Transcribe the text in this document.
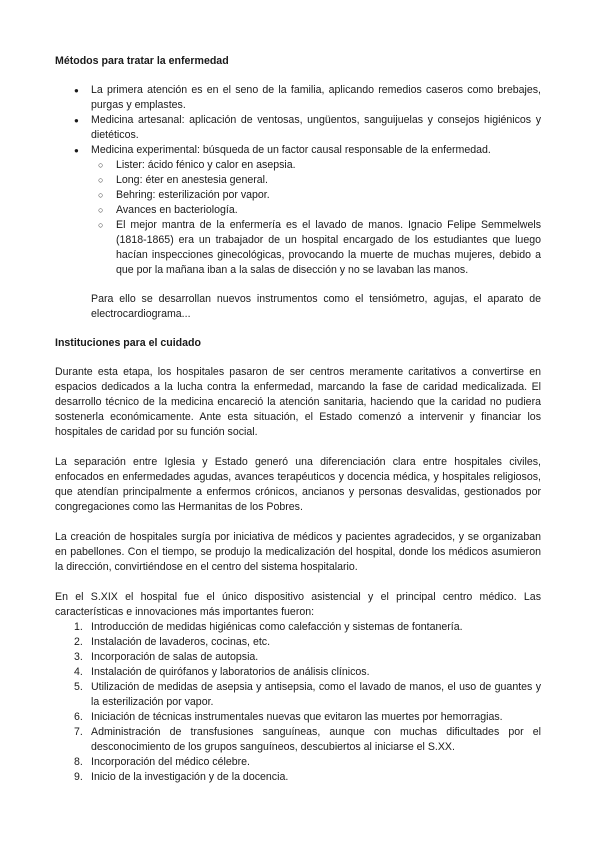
Métodos para tratar la enfermedad
● La primera atención es en el seno de la familia, aplicando remedios caseros como brebajes, purgas y emplastes.
● Medicina artesanal: aplicación de ventosas, ungüentos, sanguijuelas y consejos higiénicos y dietéticos.
● Medicina experimental: búsqueda de un factor causal responsable de la enfermedad.
○ Lister: ácido fénico y calor en asepsia.
○ Long: éter en anestesia general.
○ Behring: esterilización por vapor.
○ Avances en bacteriología.
○ El mejor mantra de la enfermería es el lavado de manos. Ignacio Felipe Semmelwels (1818-1865) era un trabajador de un hospital encargado de los estudiantes que luego hacían inspecciones ginecológicas, provocando la muerte de muchas mujeres, debido a que por la mañana iban a la salas de disección y no se lavaban las manos.

Para ello se desarrollan nuevos instrumentos como el tensiómetro, agujas, el aparato de electrocardiograma...

Instituciones para el cuidado

Durante esta etapa, los hospitales pasaron de ser centros meramente caritativos a convertirse en espacios dedicados a la lucha contra la enfermedad, marcando la fase de caridad medicalizada. El desarrollo técnico de la medicina encareció la atención sanitaria, haciendo que la caridad no pudiera sostenerla económicamente. Ante esta situación, el Estado comenzó a intervenir y financiar los hospitales de caridad por su función social.

La separación entre Iglesia y Estado generó una diferenciación clara entre hospitales civiles, enfocados en enfermedades agudas, avances terapéuticos y docencia médica, y hospitales religiosos, que atendían principalmente a enfermos crónicos, ancianos y personas desvalidas, gestionados por congregaciones como las Hermanitas de los Pobres.

La creación de hospitales surgía por iniciativa de médicos y pacientes agradecidos, y se organizaban en pabellones. Con el tiempo, se produjo la medicalización del hospital, donde los médicos asumieron la dirección, convirtiéndose en el centro del sistema hospitalario.

En el S.XIX el hospital fue el único dispositivo asistencial y el principal centro médico. Las características e innovaciones más importantes fueron:

1. Introducción de medidas higiénicas como calefacción y sistemas de fontanería.
2. Instalación de lavaderos, cocinas, etc.
3. Incorporación de salas de autopsia.
4. Instalación de quirófanos y laboratorios de análisis clínicos.
5. Utilización de medidas de asepsia y antisepsia, como el lavado de manos, el uso de guantes y la esterilización por vapor.
6. Iniciación de técnicas instrumentales nuevas que evitaron las muertes por hemorragias.
7. Administración de transfusiones sanguíneas, aunque con muchas dificultades por el desconocimiento de los grupos sanguíneos, descubiertos al iniciarse el S.XX.
8. Incorporación del médico célebre.
9. Inicio de la investigación y de la docencia.
